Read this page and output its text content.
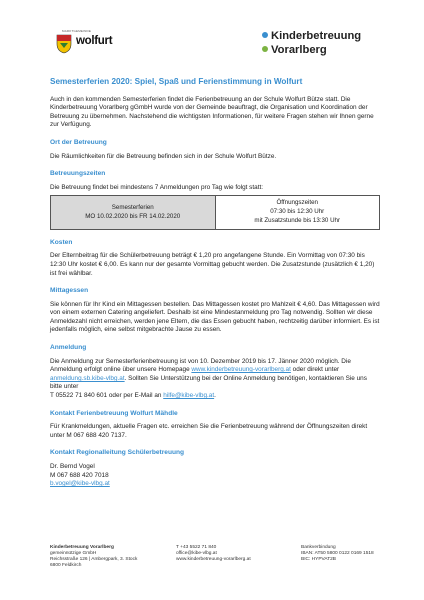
MARKTGEMEINDE
wolfurt	Kinderbetreuung
Vorarlberg
Semesterferien 2020: Spiel, Spaß und Ferienstimmung in Wolfurt

Auch in den kommenden Semesterferien findet die Ferienbetreuung an der Schule Wolfurt Bütze statt. Die Kinderbetreuung Vorarlberg gGmbH wurde von der Gemeinde beauftragt, die Organisation und Koordination der Betreuung zu übernehmen. Nachstehend die wichtigsten Informationen, für weitere Fragen stehen wir Ihnen gerne zur Verfügung.

Ort der Betreuung

Die Räumlichkeiten für die Betreuung befinden sich in der Schule Wolfurt Bütze.

Betreuungszeiten

Die Betreuung findet bei mindestens 7 Anmeldungen pro Tag wie folgt statt:

Semesterferien
MO 10.02.2020 bis FR 14.02.2020

Öffnungszeiten
07:30 bis 12:30 Uhr
mit Zusatzstunde bis 13:30 Uhr
Kosten

Der Elternbeitrag für die Schülerbetreuung beträgt € 1,20 pro angefangene Stunde. Ein Vormittag von 07:30 bis 12:30 Uhr kostet € 6,00. Es kann nur der gesamte Vormittag gebucht werden. Die Zusatzstunde (zusätzlich € 1,20) ist frei wählbar.

Mittagessen

Sie können für Ihr Kind ein Mittagessen bestellen. Das Mittagessen kostet pro Mahlzeit € 4,60. Das Mittagessen wird von einem externen Catering angeliefert. Deshalb ist eine Mindestanmeldung pro Tag notwendig. Sollten wir diese Anmeldezahl nicht erreichen, werden jene Eltern, die das Essen gebucht haben, rechtzeitig darüber informiert. Es ist jedenfalls möglich, eine selbst mitgebrachte Jause zu essen.

Anmeldung

Die Anmeldung zur Semesterferienbetreuung ist von 10. Dezember 2019 bis 17. Jänner 2020 möglich. Die Anmeldung erfolgt online über unsere Homepage www.kinderbetreuung-vorarlberg.at oder direkt unter anmeldung.sb.kibe-vlbg.at. Sollten Sie Unterstützung bei der Online Anmeldung benötigen, kontaktieren Sie uns bitte unter
T 05522 71 840 601 oder per E-Mail an hilfe@kibe-vlbg.at.

Kontakt Ferienbetreuung Wolfurt Mähdle

Für Krankmeldungen, aktuelle Fragen etc. erreichen Sie die Ferienbetreuung während der Öffnungszeiten direkt unter M 067 688 420 7137.

Kontakt Regionalleitung Schülerbetreuung

Dr. Bernd Vogel

M 067 688 420 7018

b.vogel@kibe-vlbg.at

Kinderbetreuung Vorarlberg
gemeinnützige GmbH
Reichsstraße 126 | Ambergpark, 3. Stock
6800 Feldkirch
T +43 5522 71 840
office@kibe-vlbg.at
www.kinderbetreuung-vorarlberg.at
Bankverbindung
IBAN: AT50 5800 0122 0169 1518
BIC: HYPVAT2B
